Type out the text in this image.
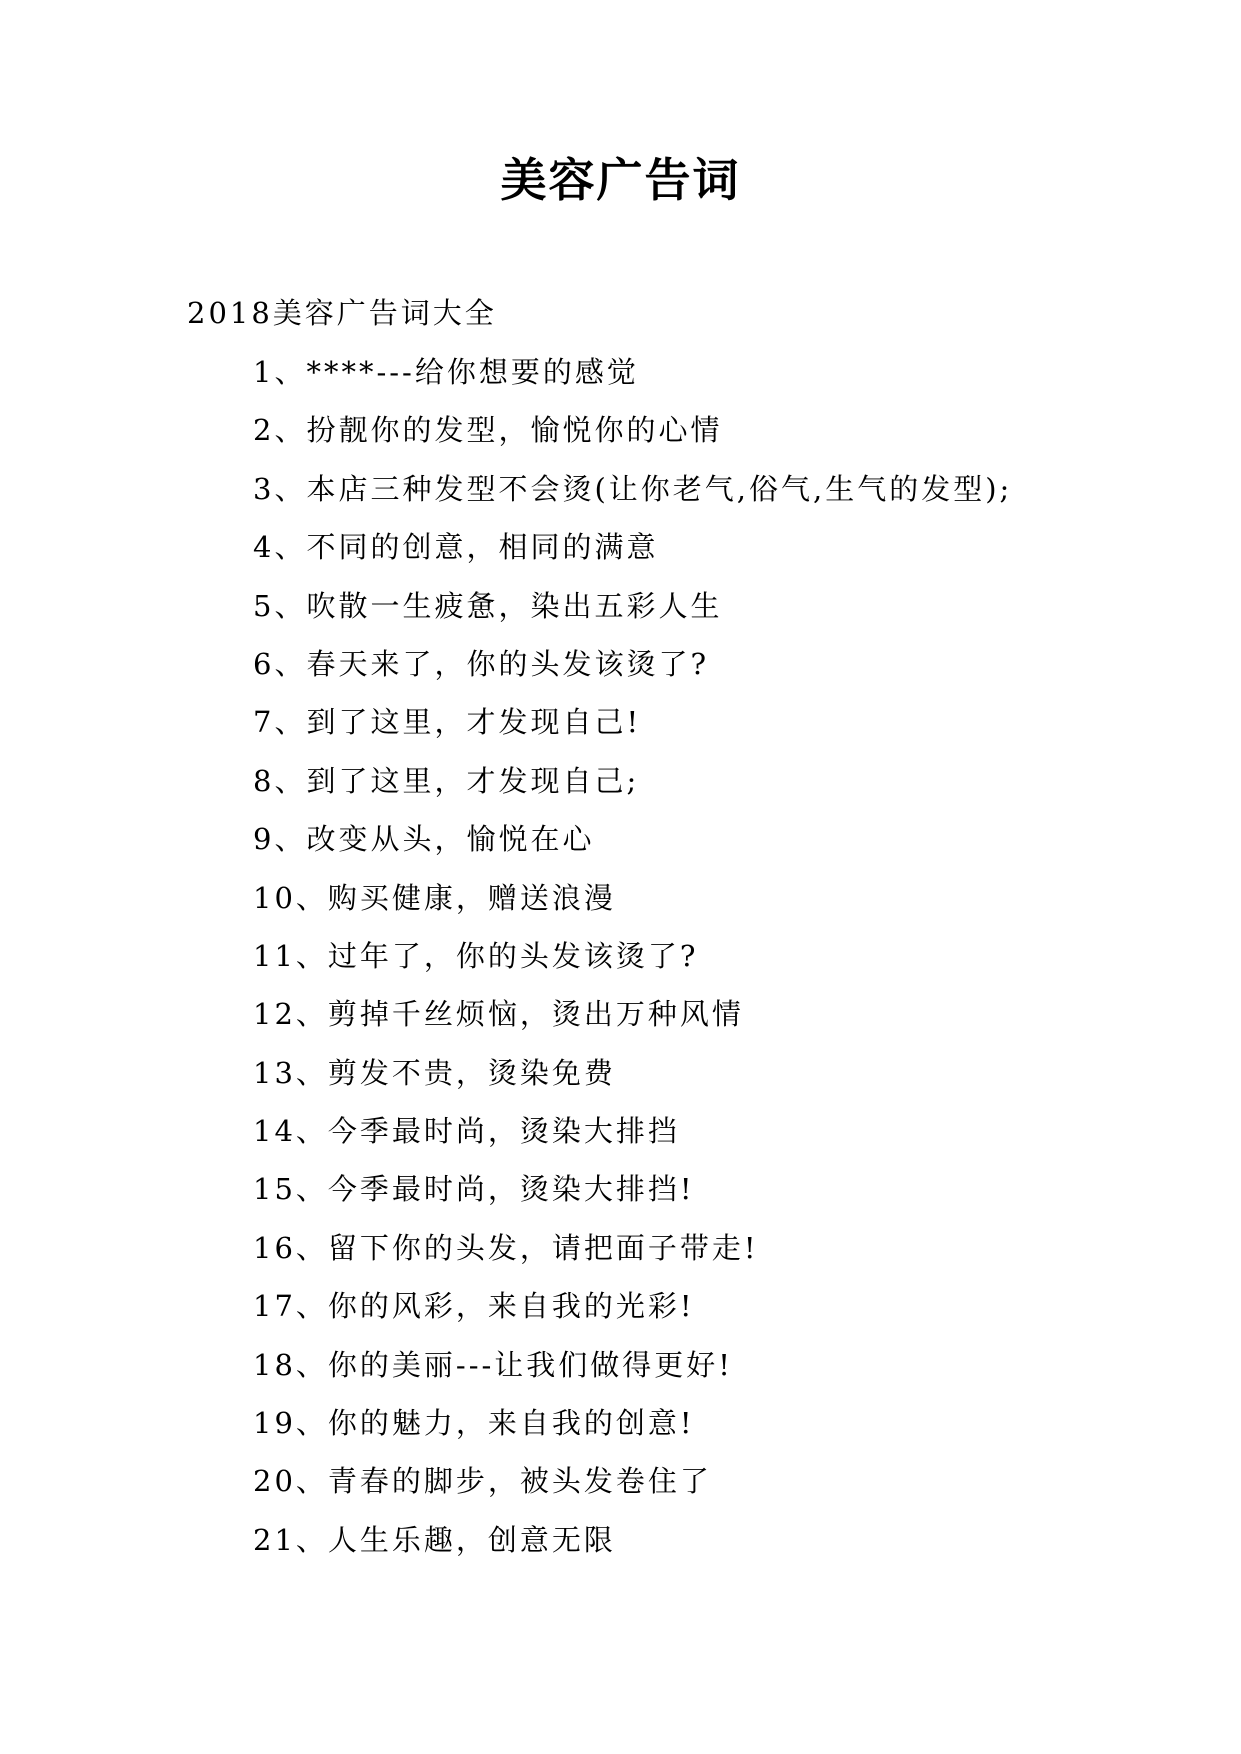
美容广告词
2018美容广告词大全
1、****---给你想要的感觉
2、扮靓你的发型，愉悦你的心情
3、本店三种发型不会烫(让你老气,俗气,生气的发型);
4、不同的创意，相同的满意
5、吹散一生疲惫，染出五彩人生
6、春天来了，你的头发该烫了?
7、到了这里，才发现自己!
8、到了这里，才发现自己;
9、改变从头，愉悦在心
10、购买健康，赠送浪漫
11、过年了，你的头发该烫了?
12、剪掉千丝烦恼，烫出万种风情
13、剪发不贵，烫染免费
14、今季最时尚，烫染大排挡
15、今季最时尚，烫染大排挡!
16、留下你的头发，请把面子带走!
17、你的风彩，来自我的光彩!
18、你的美丽---让我们做得更好!
19、你的魅力，来自我的创意!
20、青春的脚步，被头发卷住了
21、人生乐趣，创意无限
